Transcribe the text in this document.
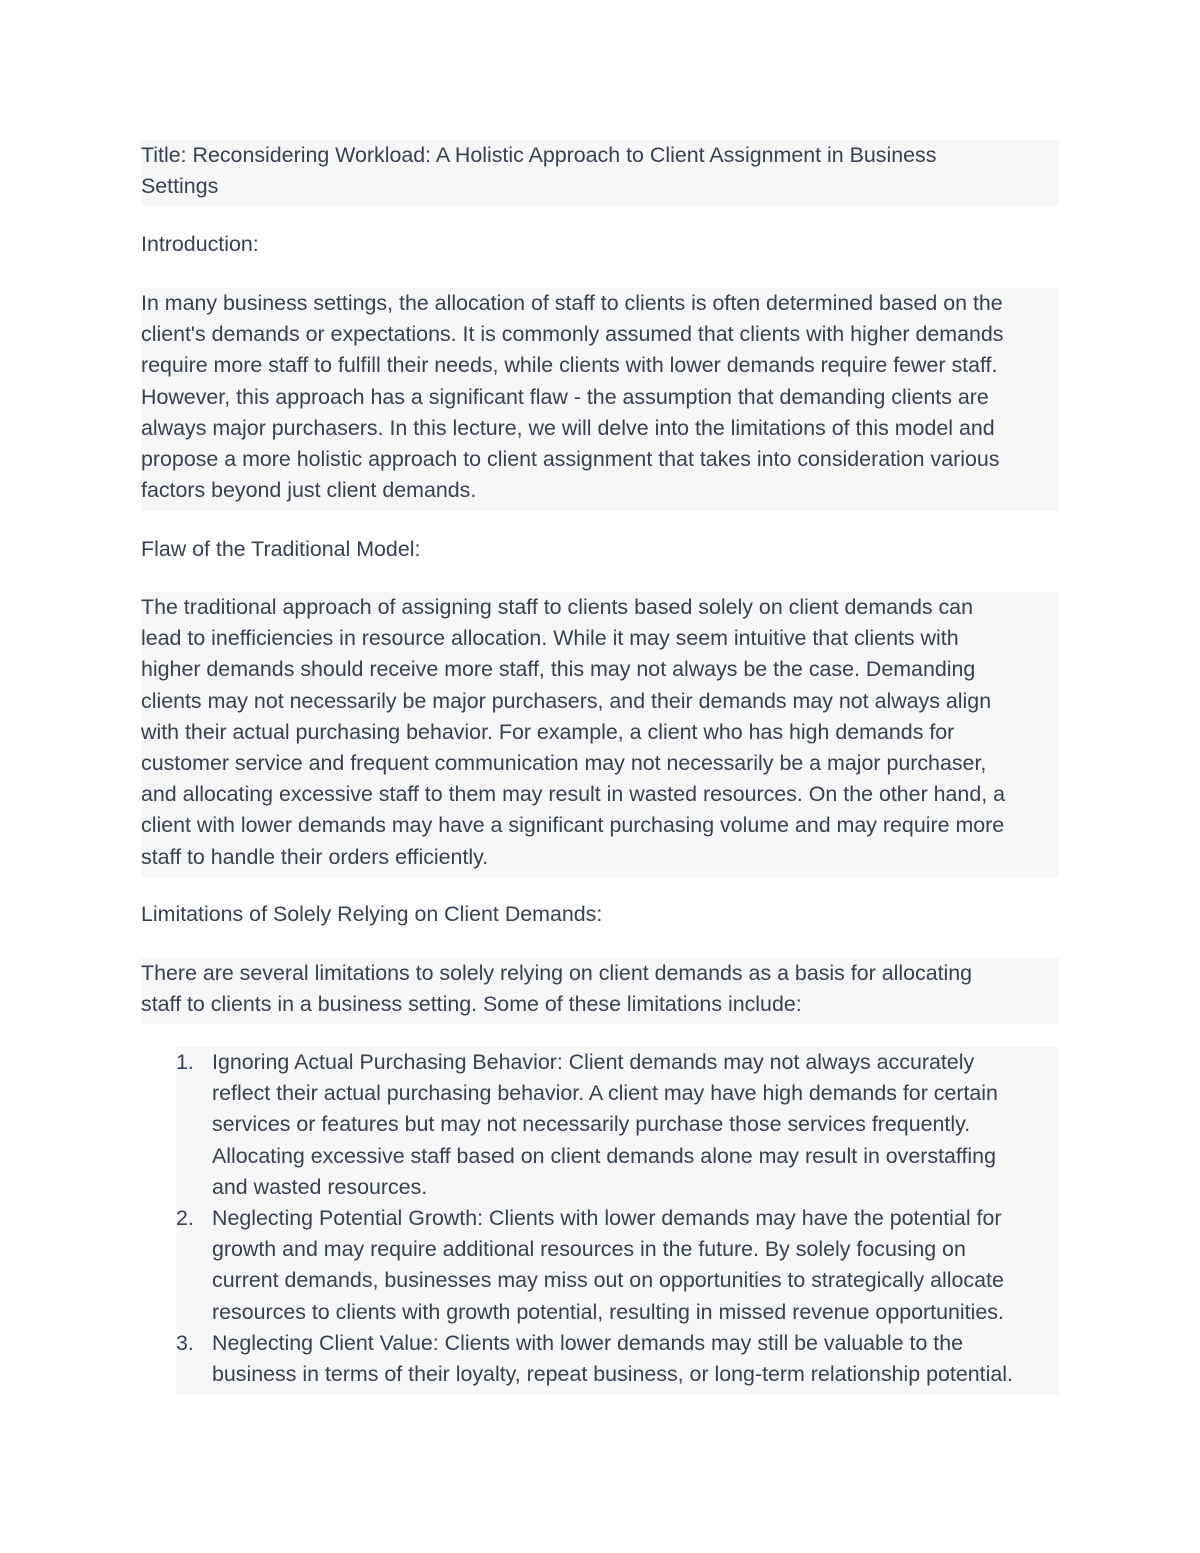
Title: Reconsidering Workload: A Holistic Approach to Client Assignment in Business
Settings
Introduction:
In many business settings, the allocation of staff to clients is often determined based on the
client's demands or expectations. It is commonly assumed that clients with higher demands
require more staff to fulfill their needs, while clients with lower demands require fewer staff.
However, this approach has a significant flaw - the assumption that demanding clients are
always major purchasers. In this lecture, we will delve into the limitations of this model and
propose a more holistic approach to client assignment that takes into consideration various
factors beyond just client demands.
Flaw of the Traditional Model:
The traditional approach of assigning staff to clients based solely on client demands can
lead to inefficiencies in resource allocation. While it may seem intuitive that clients with
higher demands should receive more staff, this may not always be the case. Demanding
clients may not necessarily be major purchasers, and their demands may not always align
with their actual purchasing behavior. For example, a client who has high demands for
customer service and frequent communication may not necessarily be a major purchaser,
and allocating excessive staff to them may result in wasted resources. On the other hand, a
client with lower demands may have a significant purchasing volume and may require more
staff to handle their orders efficiently.
Limitations of Solely Relying on Client Demands:
There are several limitations to solely relying on client demands as a basis for allocating
staff to clients in a business setting. Some of these limitations include:
1. Ignoring Actual Purchasing Behavior: Client demands may not always accurately
reflect their actual purchasing behavior. A client may have high demands for certain
services or features but may not necessarily purchase those services frequently.
Allocating excessive staff based on client demands alone may result in overstaffing
and wasted resources.
2. Neglecting Potential Growth: Clients with lower demands may have the potential for
growth and may require additional resources in the future. By solely focusing on
current demands, businesses may miss out on opportunities to strategically allocate
resources to clients with growth potential, resulting in missed revenue opportunities.
3. Neglecting Client Value: Clients with lower demands may still be valuable to the
business in terms of their loyalty, repeat business, or long-term relationship potential.
